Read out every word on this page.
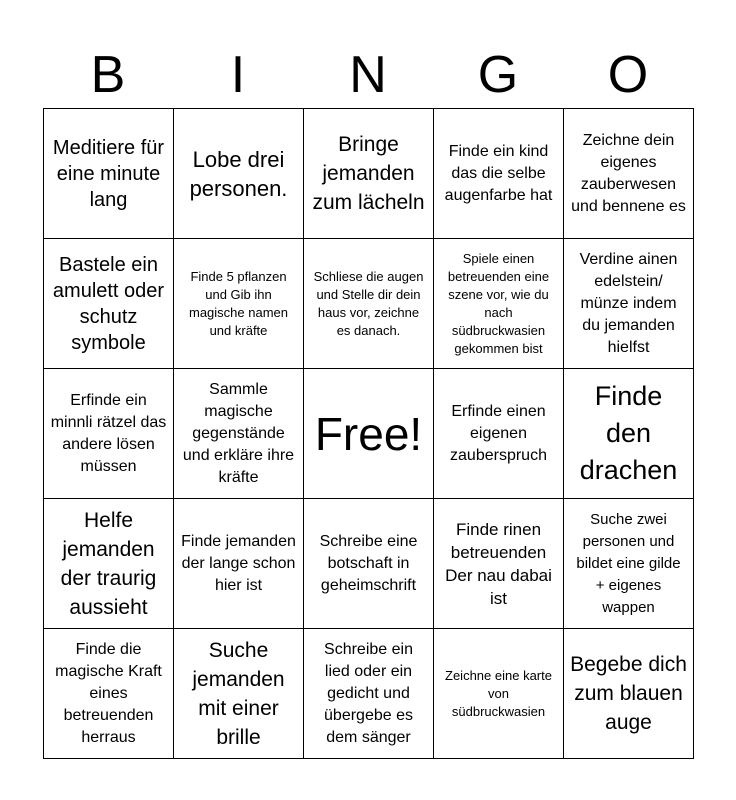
B	I	N	G	O
Meditiere für eine minute lang	Lobe drei personen.	Bringe jemanden zum lächeln	Finde ein kind das die selbe augenfarbe hat	Zeichne dein eigenes zauberwesen und bennene es
Bastele ein amulett oder schutz symbole	Finde 5 pflanzen und Gib ihn magische namen und kräfte	Schliese die augen und Stelle dir dein haus vor, zeichne es danach.	Spiele einen betreuenden eine szene vor, wie du nach südbruckwasien gekommen bist	Verdine ainen edelstein/ münze indem du jemanden hielfst
Erfinde ein minnli rätzel das andere lösen müssen	Sammle magische gegenstände und erkläre ihre kräfte	Free!	Erfinde einen eigenen zauberspruch	Finde den drachen
Helfe jemanden der traurig aussieht	Finde jemanden der lange schon hier ist	Schreibe eine botschaft in geheimschrift	Finde rinen betreuenden Der nau dabai ist	Suche zwei personen und bildet eine gilde + eigenes wappen
Finde die magische Kraft eines betreuenden herraus	Suche jemanden mit einer brille	Schreibe ein lied oder ein gedicht und übergebe es dem sänger	Zeichne eine karte von südbruckwasien	Begebe dich zum blauen auge
